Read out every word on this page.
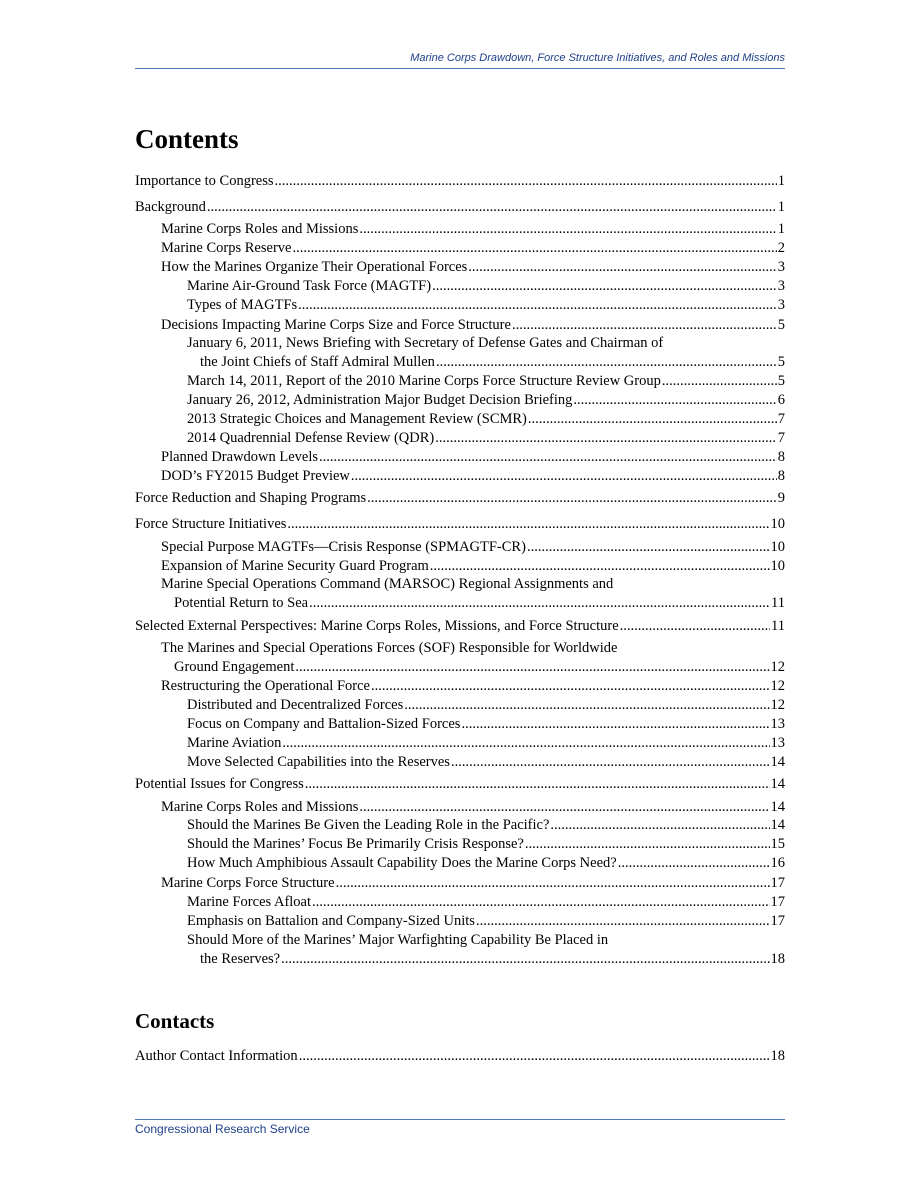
Marine Corps Drawdown, Force Structure Initiatives, and Roles and Missions
Contents
Importance to Congress .....	1
Background .....	1
Marine Corps Roles and Missions .....	1
Marine Corps Reserve .....	2
How the Marines Organize Their Operational Forces .....	3
Marine Air-Ground Task Force (MAGTF) .....	3
Types of MAGTFs .....	3
Decisions Impacting Marine Corps Size and Force Structure .....	5
January 6, 2011, News Briefing with Secretary of Defense Gates and Chairman of
the Joint Chiefs of Staff Admiral Mullen .....	5
March 14, 2011, Report of the 2010 Marine Corps Force Structure Review Group .....	5
January 26, 2012, Administration Major Budget Decision Briefing .....	6
2013 Strategic Choices and Management Review (SCMR) .....	7
2014 Quadrennial Defense Review (QDR) .....	7
Planned Drawdown Levels .....	8
DOD’s FY2015 Budget Preview .....	8
Force Reduction and Shaping Programs .....	9
Force Structure Initiatives .....	10
Special Purpose MAGTFs—Crisis Response (SPMAGTF-CR) .....	10
Expansion of Marine Security Guard Program .....	10
Marine Special Operations Command (MARSOC) Regional Assignments and
Potential Return to Sea .....	11
Selected External Perspectives: Marine Corps Roles, Missions, and Force Structure .....	11
The Marines and Special Operations Forces (SOF) Responsible for Worldwide
Ground Engagement .....	12
Restructuring the Operational Force .....	12
Distributed and Decentralized Forces .....	12
Focus on Company and Battalion-Sized Forces .....	13
Marine Aviation .....	13
Move Selected Capabilities into the Reserves .....	14
Potential Issues for Congress .....	14
Marine Corps Roles and Missions .....	14
Should the Marines Be Given the Leading Role in the Pacific? .....	14
Should the Marines’ Focus Be Primarily Crisis Response? .....	15
How Much Amphibious Assault Capability Does the Marine Corps Need? .....	16
Marine Corps Force Structure .....	17
Marine Forces Afloat .....	17
Emphasis on Battalion and Company-Sized Units .....	17
Should More of the Marines’ Major Warfighting Capability Be Placed in
the Reserves? .....	18
Contacts
Author Contact Information .....	18
Congressional Research Service
